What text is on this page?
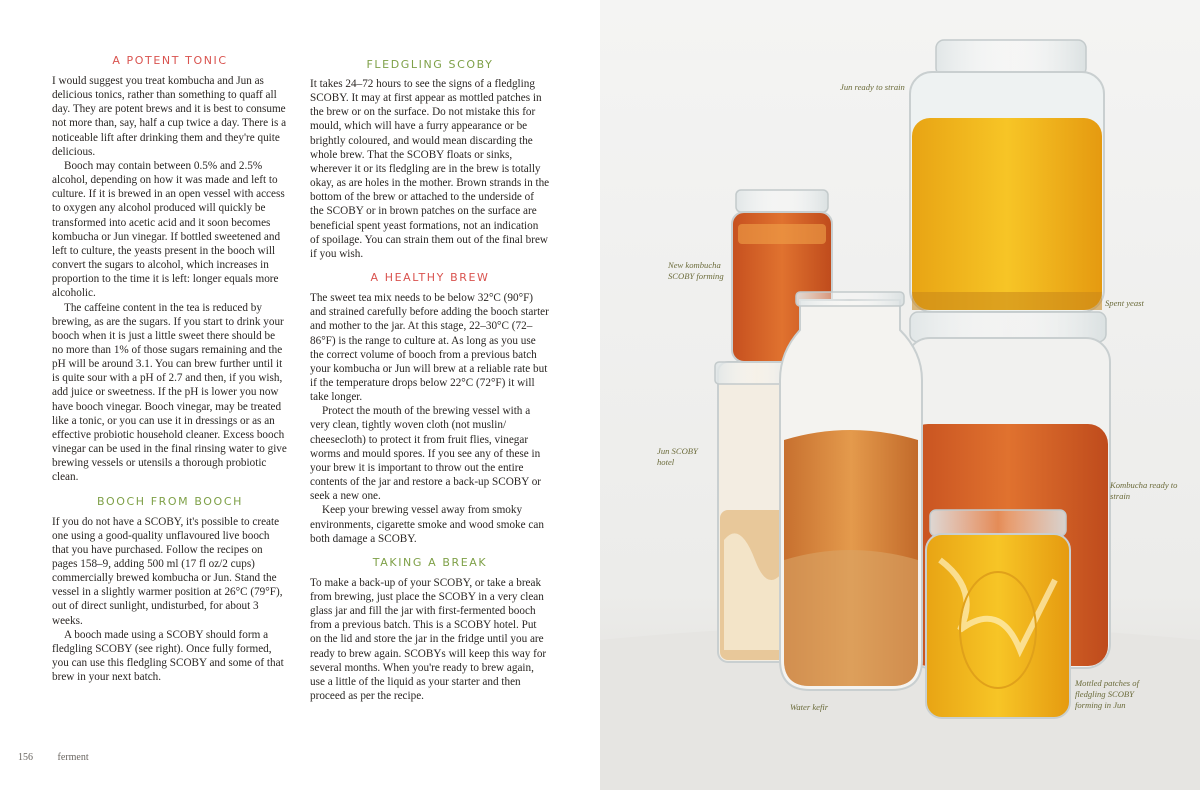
A POTENT TONIC

I would suggest you treat kombucha and Jun as delicious tonics, rather than something to quaff all day. They are potent brews and it is best to consume not more than, say, half a cup twice a day. There is a noticeable lift after drinking them and they're quite delicious.

Booch may contain between 0.5% and 2.5% alcohol, depending on how it was made and left to culture. If it is brewed in an open vessel with access to oxygen any alcohol produced will quickly be transformed into acetic acid and it soon becomes kombucha or Jun vinegar. If bottled sweetened and left to culture, the yeasts present in the booch will convert the sugars to alcohol, which increases in proportion to the time it is left: longer equals more alcoholic.

The caffeine content in the tea is reduced by brewing, as are the sugars. If you start to drink your booch when it is just a little sweet there should be no more than 1% of those sugars remaining and the pH will be around 3.1. You can brew further until it is quite sour with a pH of 2.7 and then, if you wish, add juice or sweetness. If the pH is lower you now have booch vinegar. Booch vinegar, may be treated like a tonic, or you can use it in dressings or as an effective probiotic household cleaner. Excess booch vinegar can be used in the final rinsing water to give brewing vessels or utensils a thorough probiotic clean.

BOOCH FROM BOOCH

If you do not have a SCOBY, it's possible to create one using a good-quality unflavoured live booch that you have purchased. Follow the recipes on pages 158–9, adding 500 ml (17 fl oz/2 cups) commercially brewed kombucha or Jun. Stand the vessel in a slightly warmer position at 26°C (79°F), out of direct sunlight, undisturbed, for about 3 weeks.

A booch made using a SCOBY should form a fledgling SCOBY (see right). Once fully formed, you can use this fledgling SCOBY and some of that brew in your next batch.

FLEDGLING SCOBY

It takes 24–72 hours to see the signs of a fledgling SCOBY. It may at first appear as mottled patches in the brew or on the surface. Do not mistake this for mould, which will have a furry appearance or be brightly coloured, and would mean discarding the whole brew. That the SCOBY floats or sinks, wherever it or its fledgling are in the brew is totally okay, as are holes in the mother. Brown strands in the bottom of the brew or attached to the underside of the SCOBY or in brown patches on the surface are beneficial spent yeast formations, not an indication of spoilage. You can strain them out of the final brew if you wish.

A HEALTHY BREW

The sweet tea mix needs to be below 32°C (90°F) and strained carefully before adding the booch starter and mother to the jar. At this stage, 22–30°C (72–86°F) is the range to culture at. As long as you use the correct volume of booch from a previous batch your kombucha or Jun will brew at a reliable rate but if the temperature drops below 22°C (72°F) it will take longer.

Protect the mouth of the brewing vessel with a very clean, tightly woven cloth (not muslin/ cheesecloth) to protect it from fruit flies, vinegar worms and mould spores. If you see any of these in your brew it is important to throw out the entire contents of the jar and restore a back-up SCOBY or seek a new one.

Keep your brewing vessel away from smoky environments, cigarette smoke and wood smoke can both damage a SCOBY.

TAKING A BREAK

To make a back-up of your SCOBY, or take a break from brewing, just place the SCOBY in a very clean glass jar and fill the jar with first-fermented booch from a previous batch. This is a SCOBY hotel. Put on the lid and store the jar in the fridge until you are ready to brew again. SCOBYs will keep this way for several months. When you're ready to brew again, use a little of the liquid as your starter and then proceed as per the recipe.

156 ferment
Jun ready to strain
New kombucha SCOBY forming
Spent yeast
Jun SCOBY hotel
Kombucha ready to strain
Water kefir
Mottled patches of fledgling SCOBY forming in Jun
